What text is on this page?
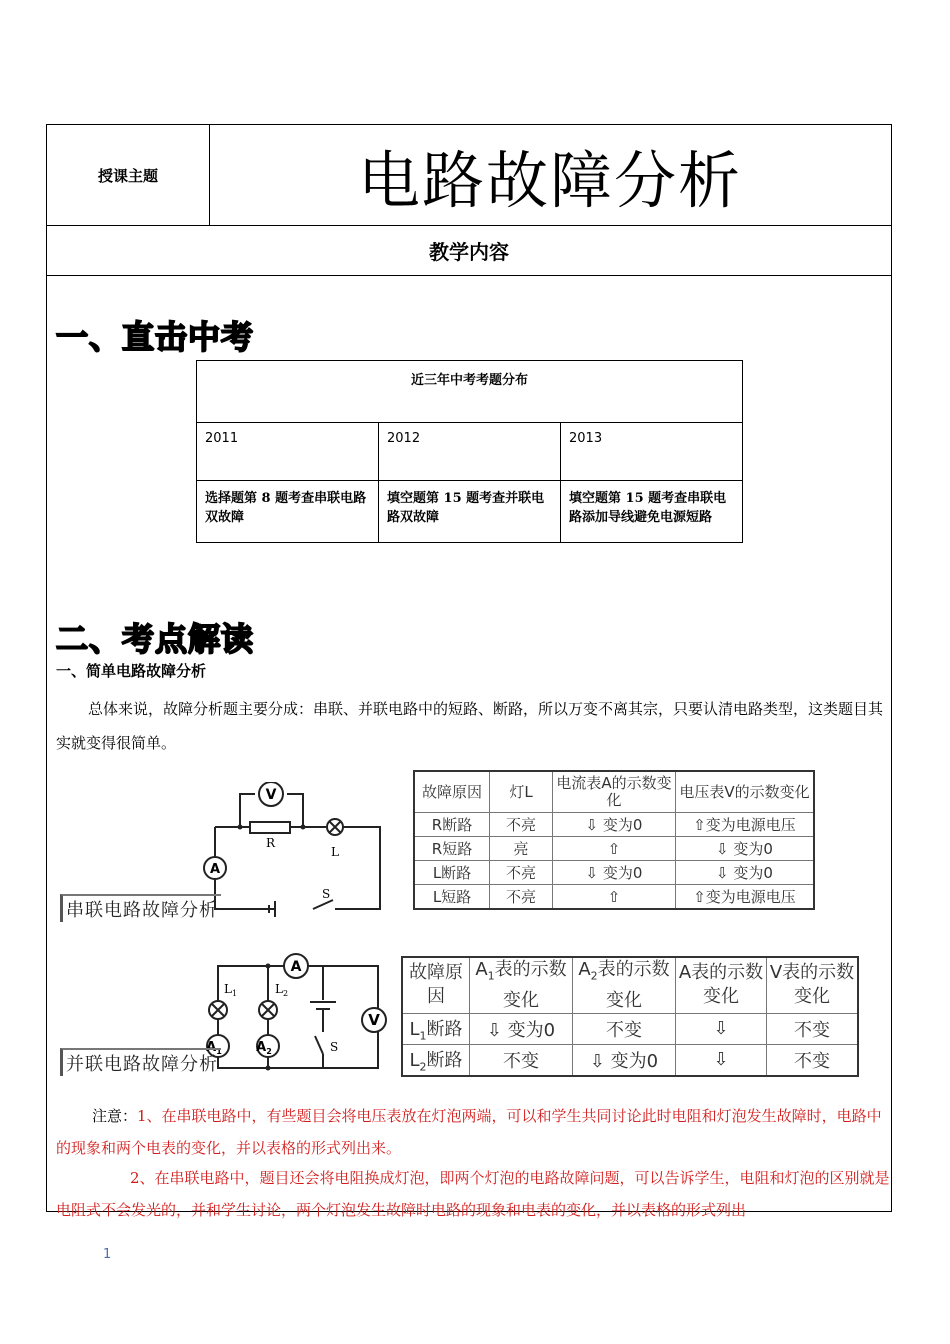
授课主题	电路故障分析
教学内容
一、直击中考
近三年中考考题分布		
2011	2012	2013
选择题第 8 题考查串联电路双故障	填空题第 15 题考查并联电路双故障	填空题第 15 题考查串联电路添加导线避免电源短路
二、考点解读
一、简单电路故障分析
总体来说，故障分析题主要分成：串联、并联电路中的短路、断路，所以万变不离其宗，只要认清电路类型，这类题目其实就变得很简单。
V
A
R
L
S
串联电路故障分析
故障原因	灯L	电流表A的示数变化	电压表V的示数变化
R断路	不亮	⇩ 变为0	⇧变为电源电压
R短路	亮	⇧	⇩ 变为0
L断路	不亮	⇩ 变为0	⇩ 变为0
L短路	不亮	⇧	⇧变为电源电压
A
V
$L_1$	$L_2$
$A_1$	$A_2$	S
并联电路故障分析
故障原因	$A_1$表的示数变化	$A_2$表的示数变化	A表的示数变化	V表的示数变化
$L_1$断路	⇩ 变为0	不变	⇩	不变
$L_2$断路	不变	⇩ 变为0	⇩	不变
注意：1、在串联电路中，有些题目会将电压表放在灯泡两端，可以和学生共同讨论此时电阻和灯泡发生故障时，电路中的现象和两个电表的变化，并以表格的形式列出来。
2、在串联电路中，题目还会将电阻换成灯泡，即两个灯泡的电路故障问题，可以告诉学生，电阻和灯泡的区别就是电阻式不会发光的，并和学生讨论，两个灯泡发生故障时电路的现象和电表的变化，并以表格的形式列出
1
